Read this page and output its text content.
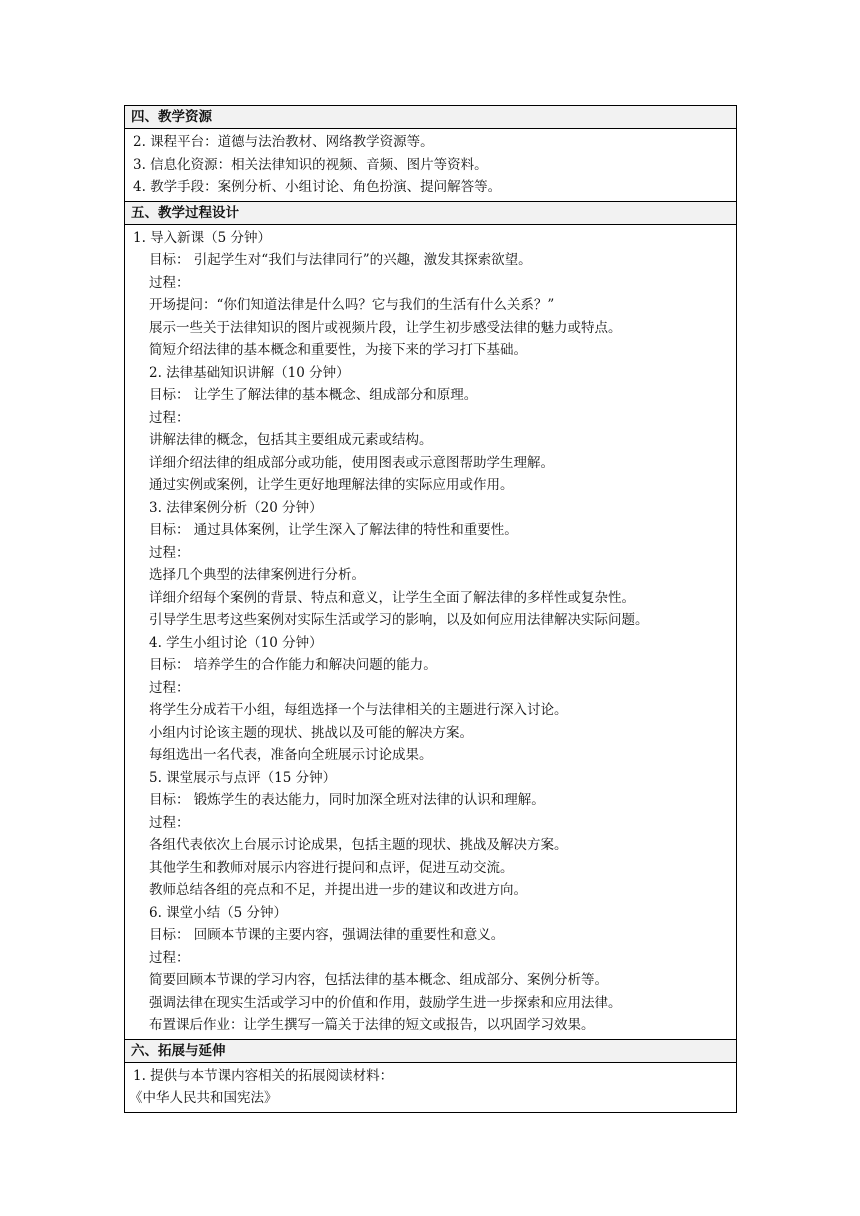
四、教学资源

2. 课程平台：道德与法治教材、网络教学资源等。
3. 信息化资源：相关法律知识的视频、音频、图片等资料。
4. 教学手段：案例分析、小组讨论、角色扮演、提问解答等。

五、教学过程设计

1. 导入新课（5 分钟）
目标： 引起学生对“我们与法律同行”的兴趣，激发其探索欲望。
过程：
开场提问：“你们知道法律是什么吗？它与我们的生活有什么关系？”
展示一些关于法律知识的图片或视频片段，让学生初步感受法律的魅力或特点。
简短介绍法律的基本概念和重要性，为接下来的学习打下基础。
2. 法律基础知识讲解（10 分钟）
目标： 让学生了解法律的基本概念、组成部分和原理。
过程：
讲解法律的概念，包括其主要组成元素或结构。
详细介绍法律的组成部分或功能，使用图表或示意图帮助学生理解。
通过实例或案例，让学生更好地理解法律的实际应用或作用。
3. 法律案例分析（20 分钟）
目标： 通过具体案例，让学生深入了解法律的特性和重要性。
过程：
选择几个典型的法律案例进行分析。
详细介绍每个案例的背景、特点和意义，让学生全面了解法律的多样性或复杂性。
引导学生思考这些案例对实际生活或学习的影响，以及如何应用法律解决实际问题。
4. 学生小组讨论（10 分钟）
目标： 培养学生的合作能力和解决问题的能力。
过程：
将学生分成若干小组，每组选择一个与法律相关的主题进行深入讨论。
小组内讨论该主题的现状、挑战以及可能的解决方案。
每组选出一名代表，准备向全班展示讨论成果。
5. 课堂展示与点评（15 分钟）
目标： 锻炼学生的表达能力，同时加深全班对法律的认识和理解。
过程：
各组代表依次上台展示讨论成果，包括主题的现状、挑战及解决方案。
其他学生和教师对展示内容进行提问和点评，促进互动交流。
教师总结各组的亮点和不足，并提出进一步的建议和改进方向。
6. 课堂小结（5 分钟）
目标： 回顾本节课的主要内容，强调法律的重要性和意义。
过程：
简要回顾本节课的学习内容，包括法律的基本概念、组成部分、案例分析等。
强调法律在现实生活或学习中的价值和作用，鼓励学生进一步探索和应用法律。
布置课后作业：让学生撰写一篇关于法律的短文或报告，以巩固学习效果。

六、拓展与延伸

1. 提供与本节课内容相关的拓展阅读材料：
《中华人民共和国宪法》
